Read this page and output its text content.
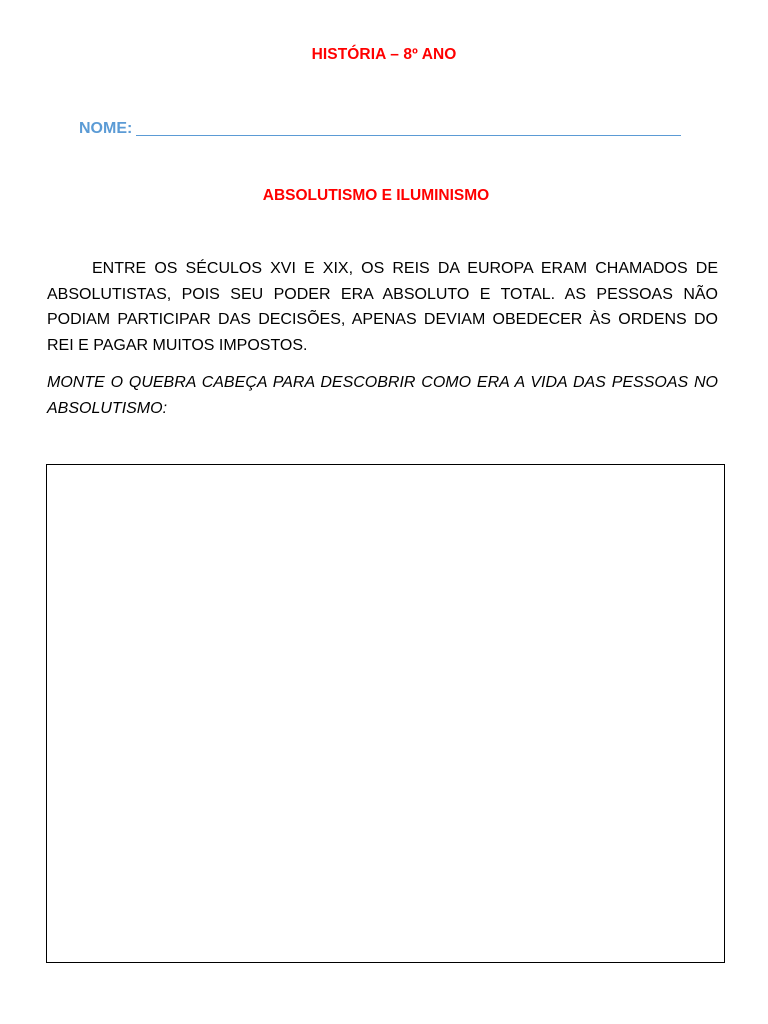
HISTÓRIA – 8º ANO
NOME:
ABSOLUTISMO E ILUMINISMO

ENTRE OS SÉCULOS XVI E XIX, OS REIS DA EUROPA ERAM CHAMADOS DE ABSOLUTISTAS, POIS SEU PODER ERA ABSOLUTO E TOTAL. AS PESSOAS NÃO PODIAM PARTICIPAR DAS DECISÕES, APENAS DEVIAM OBEDECER ÀS ORDENS DO REI E PAGAR MUITOS IMPOSTOS.

MONTE O QUEBRA CABEÇA PARA DESCOBRIR COMO ERA A VIDA DAS PESSOAS NO ABSOLUTISMO:
